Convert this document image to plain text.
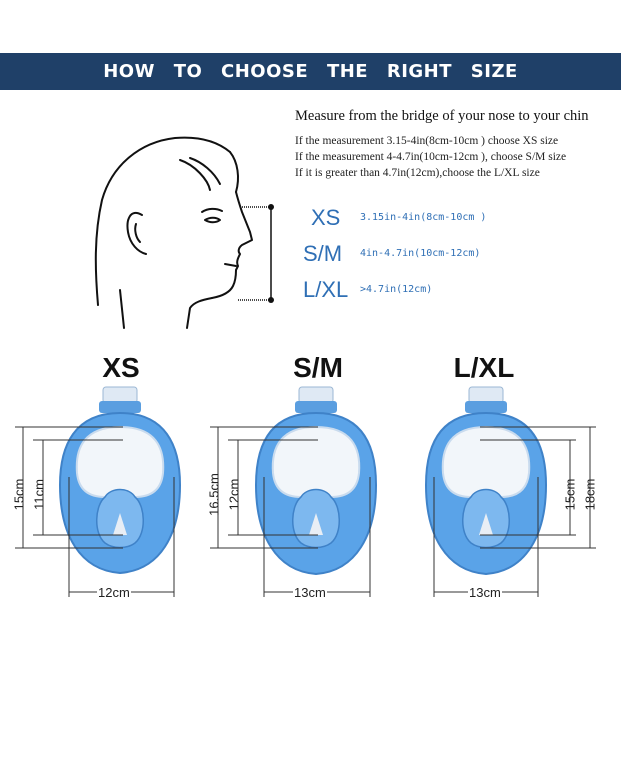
HOW TO CHOOSE THE RIGHT SIZE
Measure from the bridge of your nose to your chin
If the measurement 3.15-4in(8cm-10cm ) choose XS size
If the measurement 4-4.7in(10cm-12cm ), choose S/M size
If it is greater than 4.7in(12cm),choose the L/XL size
XS 3.15in-4in(8cm-10cm )
S/M 4in-4.7in(10cm-12cm)
L/XL >4.7in(12cm)
XS	S/M	L/XL
15cm 11cm
12cm
16.5cm 12cm
13cm
15cm 18cm
13cm
